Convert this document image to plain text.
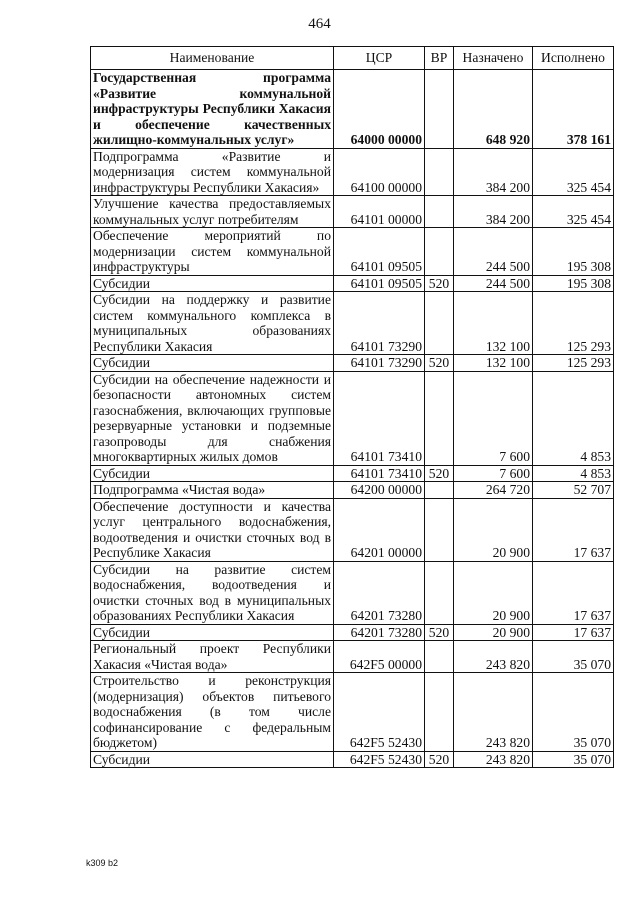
464
Наименование	ЦСР	ВР	Назначено	Исполнено
Государственная программа «Развитие коммунальной инфраструктуры Республики Хакасия и обеспечение качественных жилищно-коммунальных услуг»	64000 00000		648 920	378 161
Подпрограмма «Развитие и модернизация систем коммунальной инфраструктуры Республики Хакасия»	64100 00000		384 200	325 454
Улучшение качества предоставляемых коммунальных услуг потребителям	64101 00000		384 200	325 454
Обеспечение мероприятий по модернизации систем коммунальной инфраструктуры	64101 09505		244 500	195 308
Субсидии	64101 09505	520	244 500	195 308
Субсидии на поддержку и развитие систем коммунального комплекса в муниципальных образованиях Республики Хакасия	64101 73290		132 100	125 293
Субсидии	64101 73290	520	132 100	125 293
Субсидии на обеспечение надежности и безопасности автономных систем газоснабжения, включающих групповые резервуарные установки и подземные газопроводы для снабжения многоквартирных жилых домов	64101 73410		7 600	4 853
Субсидии	64101 73410	520	7 600	4 853
Подпрограмма «Чистая вода»	64200 00000		264 720	52 707
Обеспечение доступности и качества услуг центрального водоснабжения, водоотведения и очистки сточных вод в Республике Хакасия	64201 00000		20 900	17 637
Субсидии на развитие систем водоснабжения, водоотведения и очистки сточных вод в муниципальных образованиях Республики Хакасия	64201 73280		20 900	17 637
Субсидии	64201 73280	520	20 900	17 637
Региональный проект Республики Хакасия «Чистая вода»	642F5 00000		243 820	35 070
Строительство и реконструкция (модернизация) объектов питьевого водоснабжения (в том числе софинансирование с федеральным бюджетом)	642F5 52430		243 820	35 070
Субсидии	642F5 52430	520	243 820	35 070
k309 b2
